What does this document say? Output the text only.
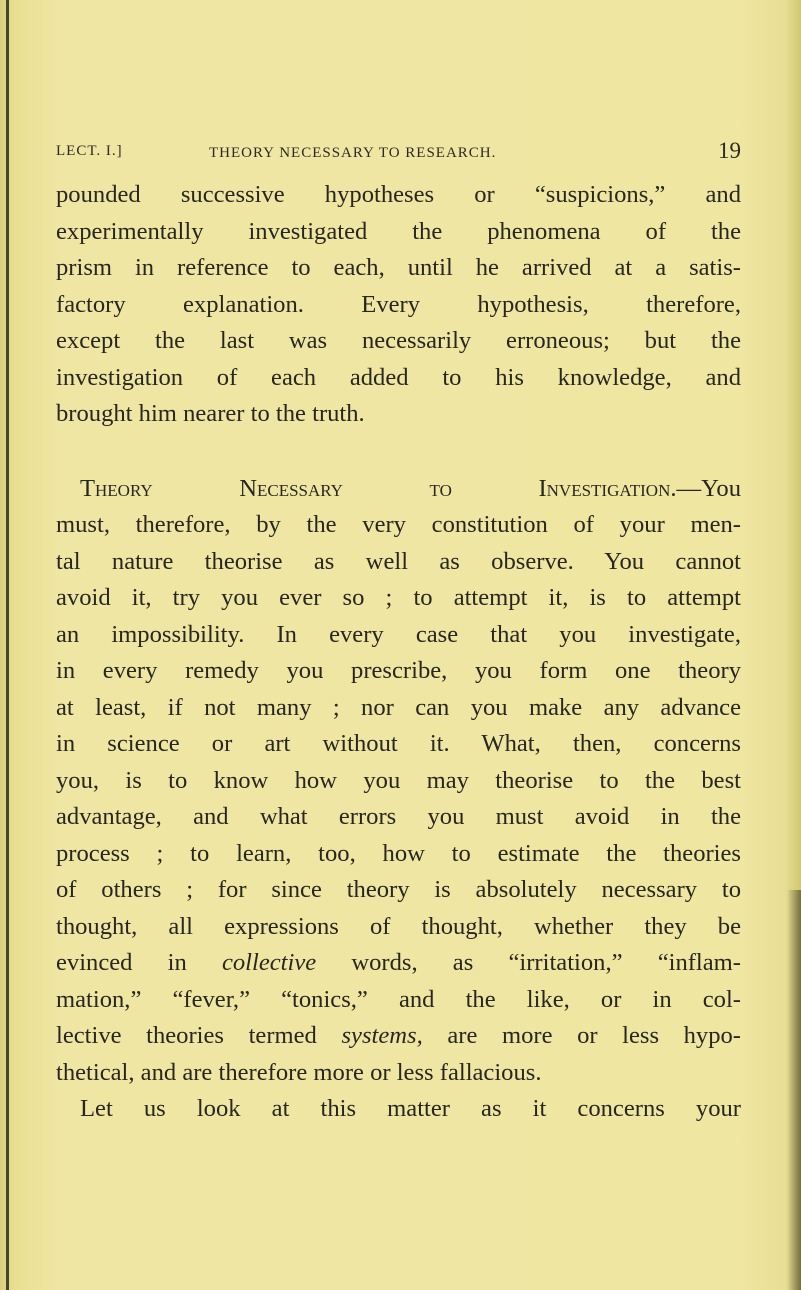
LECT. I.]	THEORY NECESSARY TO RESEARCH.	19
pounded successive hypotheses or “suspicions,” and
experimentally investigated the phenomena of the
prism in reference to each, until he arrived at a satis-
factory explanation. Every hypothesis, therefore,
except the last was necessarily erroneous; but the
investigation of each added to his knowledge, and
brought him nearer to the truth.
Theory Necessary to Investigation.—You
must, therefore, by the very constitution of your men-
tal nature theorise as well as observe. You cannot
avoid it, try you ever so ; to attempt it, is to attempt
an impossibility. In every case that you investigate,
in every remedy you prescribe, you form one theory
at least, if not many ; nor can you make any advance
in science or art without it. What, then, concerns
you, is to know how you may theorise to the best
advantage, and what errors you must avoid in the
process ; to learn, too, how to estimate the theories
of others ; for since theory is absolutely necessary to
thought, all expressions of thought, whether they be
evinced in collective words, as “irritation,” “inflam-
mation,” “fever,” “tonics,” and the like, or in col-
lective theories termed systems, are more or less hypo-
thetical, and are therefore more or less fallacious.
Let us look at this matter as it concerns your
